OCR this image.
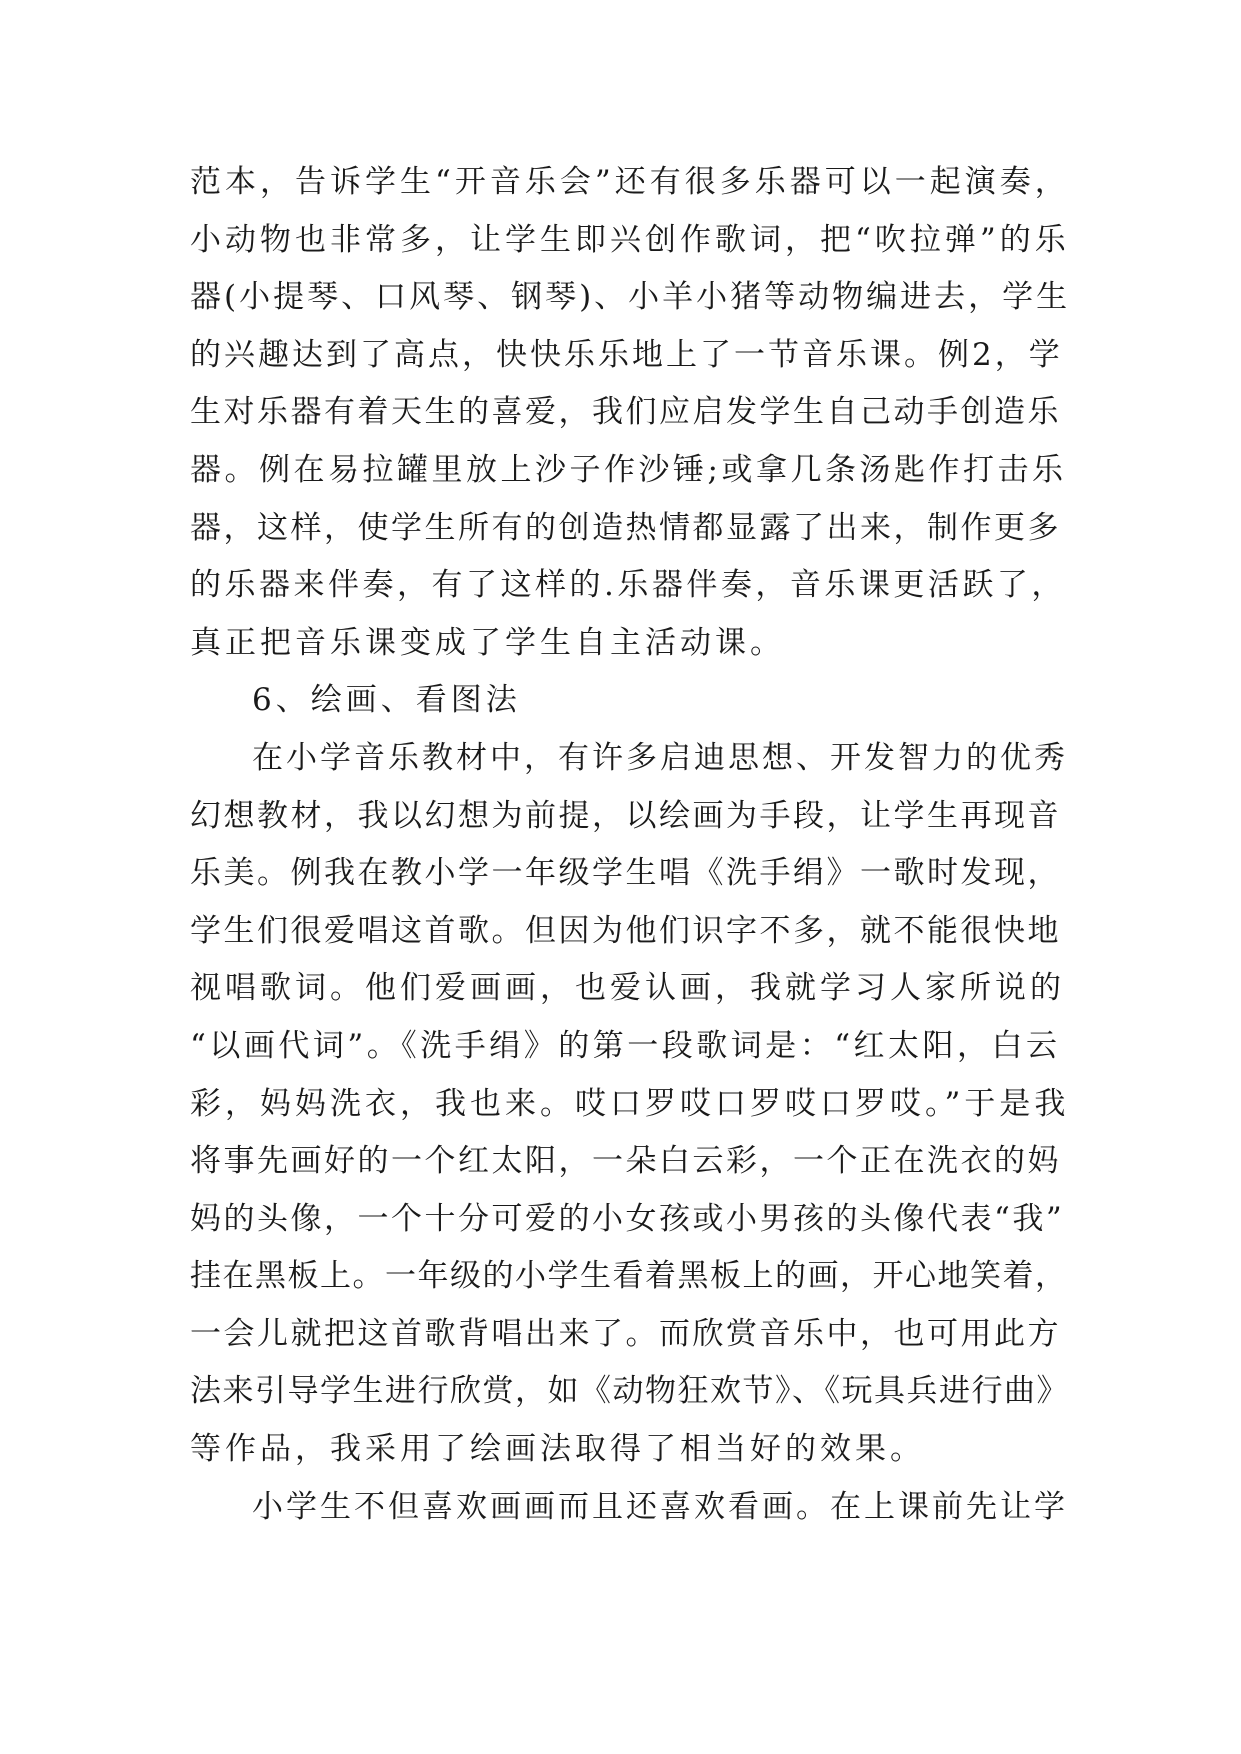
范本，告诉学生“开音乐会”还有很多乐器可以一起演奏，
小动物也非常多，让学生即兴创作歌词，把“吹拉弹”的乐
器(小提琴、口风琴、钢琴)、小羊小猪等动物编进去，学生
的兴趣达到了高点，快快乐乐地上了一节音乐课。例2，学
生对乐器有着天生的喜爱，我们应启发学生自己动手创造乐
器。例在易拉罐里放上沙子作沙锤;或拿几条汤匙作打击乐
器，这样，使学生所有的创造热情都显露了出来，制作更多
的乐器来伴奏，有了这样的.乐器伴奏，音乐课更活跃了，
真正把音乐课变成了学生自主活动课。
6、绘画、看图法
在小学音乐教材中，有许多启迪思想、开发智力的优秀
幻想教材，我以幻想为前提，以绘画为手段，让学生再现音
乐美。例我在教小学一年级学生唱《洗手绢》一歌时发现，
学生们很爱唱这首歌。但因为他们识字不多，就不能很快地
视唱歌词。他们爱画画，也爱认画，我就学习人家所说的
“以画代词”。《洗手绢》的第一段歌词是：“红太阳，白云
彩，妈妈洗衣，我也来。哎口罗哎口罗哎口罗哎。”于是我
将事先画好的一个红太阳，一朵白云彩，一个正在洗衣的妈
妈的头像，一个十分可爱的小女孩或小男孩的头像代表“我”
挂在黑板上。一年级的小学生看着黑板上的画，开心地笑着，
一会儿就把这首歌背唱出来了。而欣赏音乐中，也可用此方
法来引导学生进行欣赏，如《动物狂欢节》、《玩具兵进行曲》
等作品，我采用了绘画法取得了相当好的效果。
小学生不但喜欢画画而且还喜欢看画。在上课前先让学
